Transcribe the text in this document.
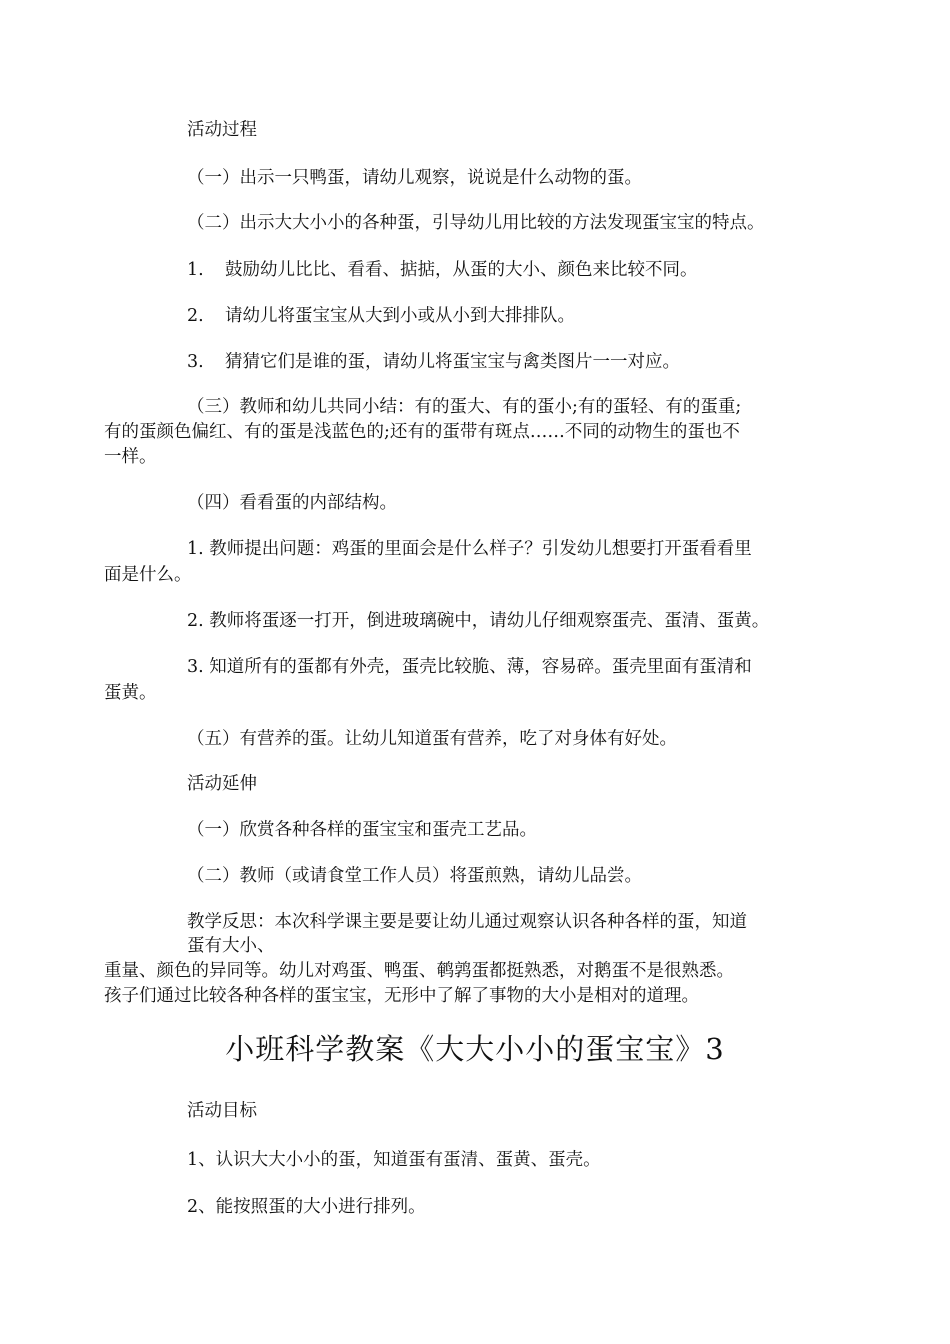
活动过程
（一）出示一只鸭蛋，请幼儿观察，说说是什么动物的蛋。
（二）出示大大小小的各种蛋，引导幼儿用比较的方法发现蛋宝宝的特点。
1. 鼓励幼儿比比、看看、掂掂，从蛋的大小、颜色来比较不同。
2. 请幼儿将蛋宝宝从大到小或从小到大排排队。
3. 猜猜它们是谁的蛋，请幼儿将蛋宝宝与禽类图片一一对应。
（三）教师和幼儿共同小结：有的蛋大、有的蛋小;有的蛋轻、有的蛋重;
有的蛋颜色偏红、有的蛋是浅蓝色的;还有的蛋带有斑点……不同的动物生的蛋也不
一样。
（四）看看蛋的内部结构。
1. 教师提出问题：鸡蛋的里面会是什么样子？引发幼儿想要打开蛋看看里
面是什么。
2. 教师将蛋逐一打开，倒进玻璃碗中，请幼儿仔细观察蛋壳、蛋清、蛋黄。
3. 知道所有的蛋都有外壳，蛋壳比较脆、薄，容易碎。蛋壳里面有蛋清和
蛋黄。
（五）有营养的蛋。让幼儿知道蛋有营养，吃了对身体有好处。
活动延伸
（一）欣赏各种各样的蛋宝宝和蛋壳工艺品。
（二）教师（或请食堂工作人员）将蛋煎熟，请幼儿品尝。
教学反思：本次科学课主要是要让幼儿通过观察认识各种各样的蛋，知道
蛋有大小、
重量、颜色的异同等。幼儿对鸡蛋、鸭蛋、鹌鹑蛋都挺熟悉，对鹅蛋不是很熟悉。
孩子们通过比较各种各样的蛋宝宝，无形中了解了事物的大小是相对的道理。
小班科学教案《大大小小的蛋宝宝》3
活动目标
1、认识大大小小的蛋，知道蛋有蛋清、蛋黄、蛋壳。
2、能按照蛋的大小进行排列。
